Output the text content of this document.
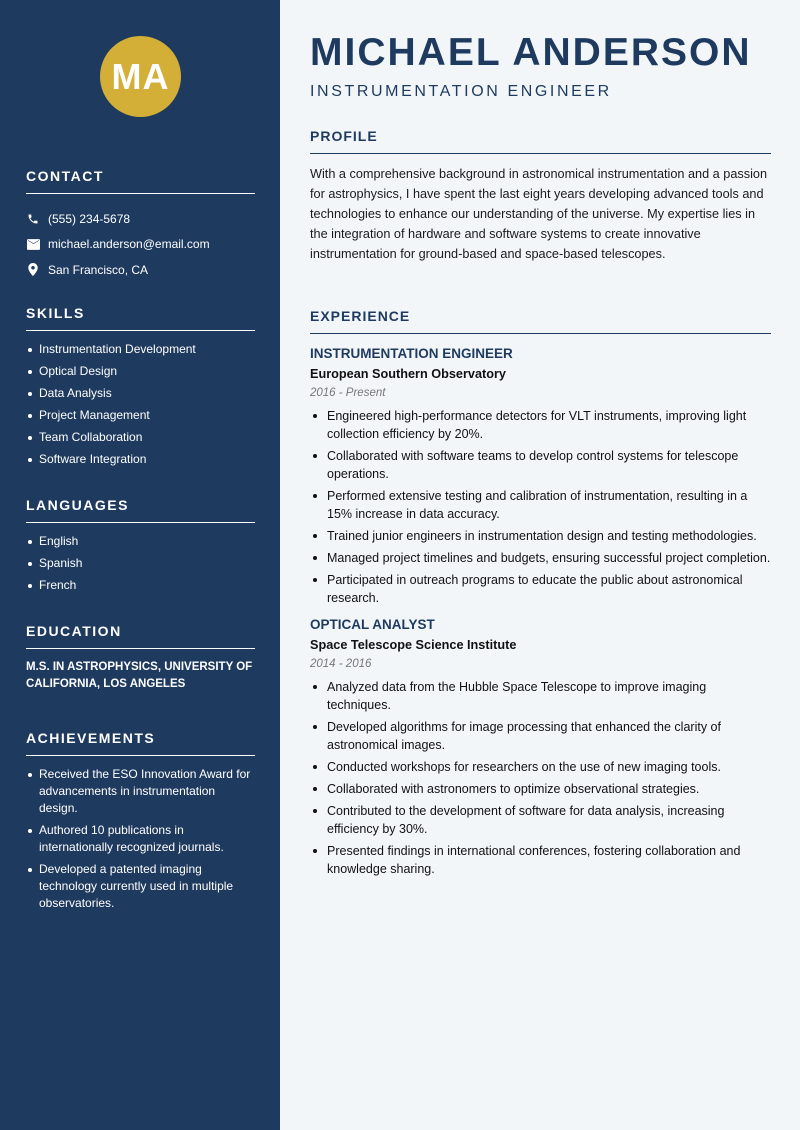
MA
CONTACT
(555) 234-5678
michael.anderson@email.com
San Francisco, CA
SKILLS
Instrumentation Development
Optical Design
Data Analysis
Project Management
Team Collaboration
Software Integration
LANGUAGES
English
Spanish
French
EDUCATION
M.S. IN ASTROPHYSICS, UNIVERSITY OF CALIFORNIA, LOS ANGELES
ACHIEVEMENTS
Received the ESO Innovation Award for advancements in instrumentation design.
Authored 10 publications in internationally recognized journals.
Developed a patented imaging technology currently used in multiple observatories.
MICHAEL ANDERSON
INSTRUMENTATION ENGINEER
PROFILE

With a comprehensive background in astronomical instrumentation and a passion for astrophysics, I have spent the last eight years developing advanced tools and technologies to enhance our understanding of the universe. My expertise lies in the integration of hardware and software systems to create innovative instrumentation for ground-based and space-based telescopes.

EXPERIENCE
INSTRUMENTATION ENGINEER
European Southern Observatory
2016 - Present
Engineered high-performance detectors for VLT instruments, improving light collection efficiency by 20%.
Collaborated with software teams to develop control systems for telescope operations.
Performed extensive testing and calibration of instrumentation, resulting in a 15% increase in data accuracy.
Trained junior engineers in instrumentation design and testing methodologies.
Managed project timelines and budgets, ensuring successful project completion.
Participated in outreach programs to educate the public about astronomical research.
OPTICAL ANALYST
Space Telescope Science Institute
2014 - 2016
Analyzed data from the Hubble Space Telescope to improve imaging techniques.
Developed algorithms for image processing that enhanced the clarity of astronomical images.
Conducted workshops for researchers on the use of new imaging tools.
Collaborated with astronomers to optimize observational strategies.
Contributed to the development of software for data analysis, increasing efficiency by 30%.
Presented findings in international conferences, fostering collaboration and knowledge sharing.
